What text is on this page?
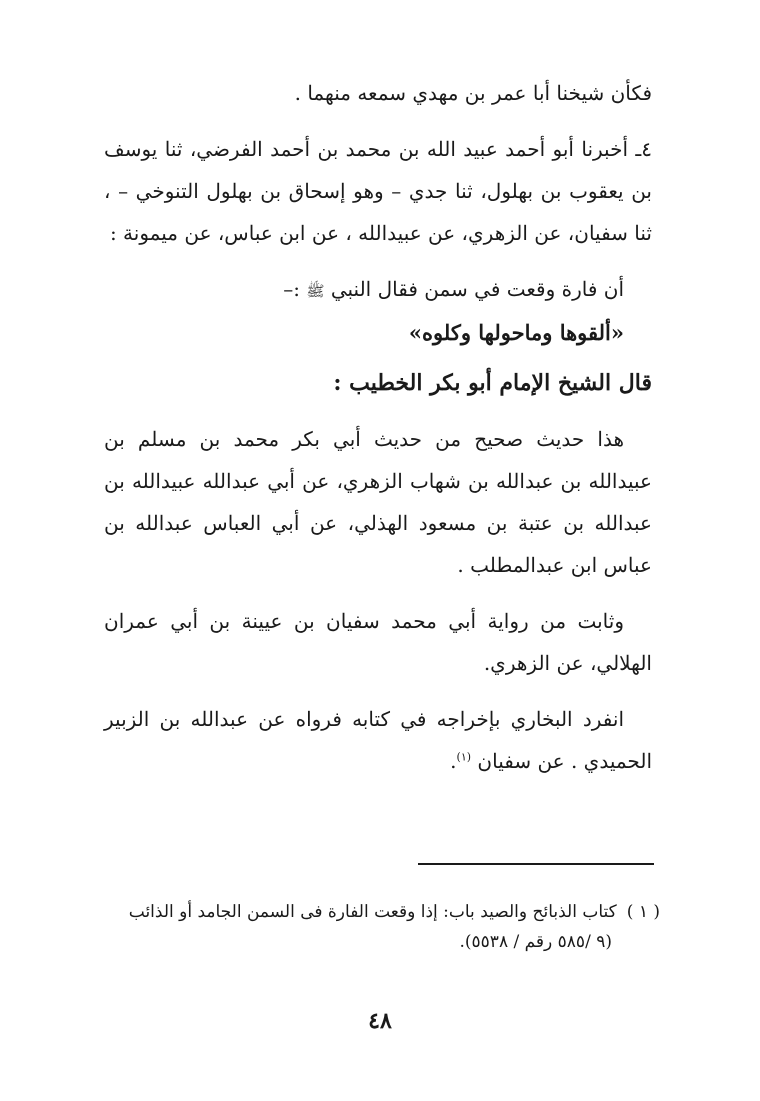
فكأن شيخنا أبا عمر بن مهدي سمعه منهما .

٤ـ أخبرنا أبو أحمد عبيد الله بن محمد بن أحمد الفرضي، ثنا يوسف بن يعقوب بن بهلول، ثنا جدي – وهو إسحاق بن بهلول التنوخي – ، ثنا سفيان، عن الزهري، عن عبيدالله ، عن ابن عباس، عن ميمونة :

أن فارة وقعت في سمن فقال النبي ﷺ :–

«ألقوها وماحولها وكلوه»

قال الشيخ الإمام أبو بكر الخطيب :

هذا حديث صحيح من حديث أبي بكر محمد بن مسلم بن عبيدالله بن عبدالله بن شهاب الزهري، عن أبي عبدالله عبيدالله بن عبدالله بن عتبة بن مسعود الهذلي، عن أبي العباس عبدالله بن عباس ابن عبدالمطلب .

وثابت من رواية أبي محمد سفيان بن عيينة بن أبي عمران الهلالي، عن الزهري.

انفرد البخاري بإخراجه في كتابه فرواه عن عبدالله بن الزبير الحميدي . عن سفيان $^{(١)}$.

( ١ )كتاب الذبائح والصيد باب: إذا وقعت الفارة فى السمن الجامد أو الذائب
(٩ /٥٨٥ رقم / ٥٥٣٨).
٤٨
